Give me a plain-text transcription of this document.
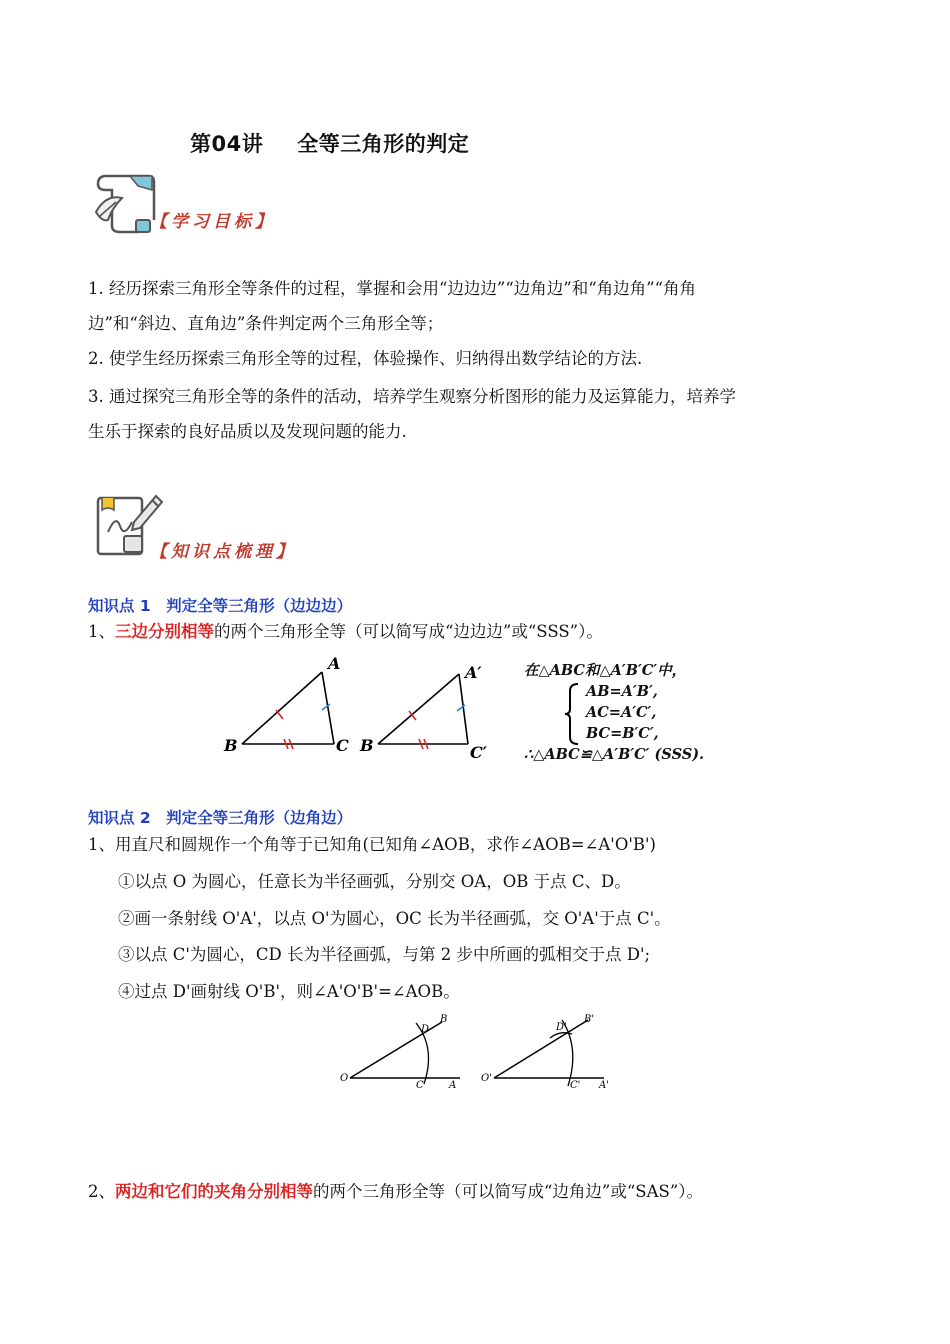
第04讲 全等三角形的判定
【学习目标】
1. 经历探索三角形全等条件的过程，掌握和会用“边边边”“边角边”和“角边角”“角角
边”和“斜边、直角边”条件判定两个三角形全等；
2. 使学生经历探索三角形全等的过程，体验操作、归纳得出数学结论的方法.
3. 通过探究三角形全等的条件的活动，培养学生观察分析图形的能力及运算能力，培养学
生乐于探索的良好品质以及发现问题的能力.
【知识点梳理】
知识点 1　判定全等三角形（边边边）
1、三边分别相等的两个三角形全等（可以简写成“边边边”或“SSS”）。
A
B	C
A′
B	C′
在△ABC和△A′B′C′中，
AB=A′B′,
AC=A′C′,
BC=B′C′,
∴△ABC≌△A′B′C′ (SSS).
知识点 2　判定全等三角形（边角边）
1、用直尺和圆规作一个角等于已知角(已知角∠AOB，求作∠AOB=∠A'O'B')
①以点 O 为圆心，任意长为半径画弧，分别交 OA，OB 于点 C、D。
②画一条射线 O'A'，以点 O'为圆心，OC 长为半径画弧，交 O'A'于点 C'。
③以点 C'为圆心，CD 长为半径画弧，与第 2 步中所画的弧相交于点 D';
④过点 D'画射线 O'B'，则∠A'O'B'=∠AOB。
O
C	A
D
B
O'
C' A'
D'
B'
2、两边和它们的夹角分别相等的两个三角形全等（可以简写成“边角边”或“SAS”）。
